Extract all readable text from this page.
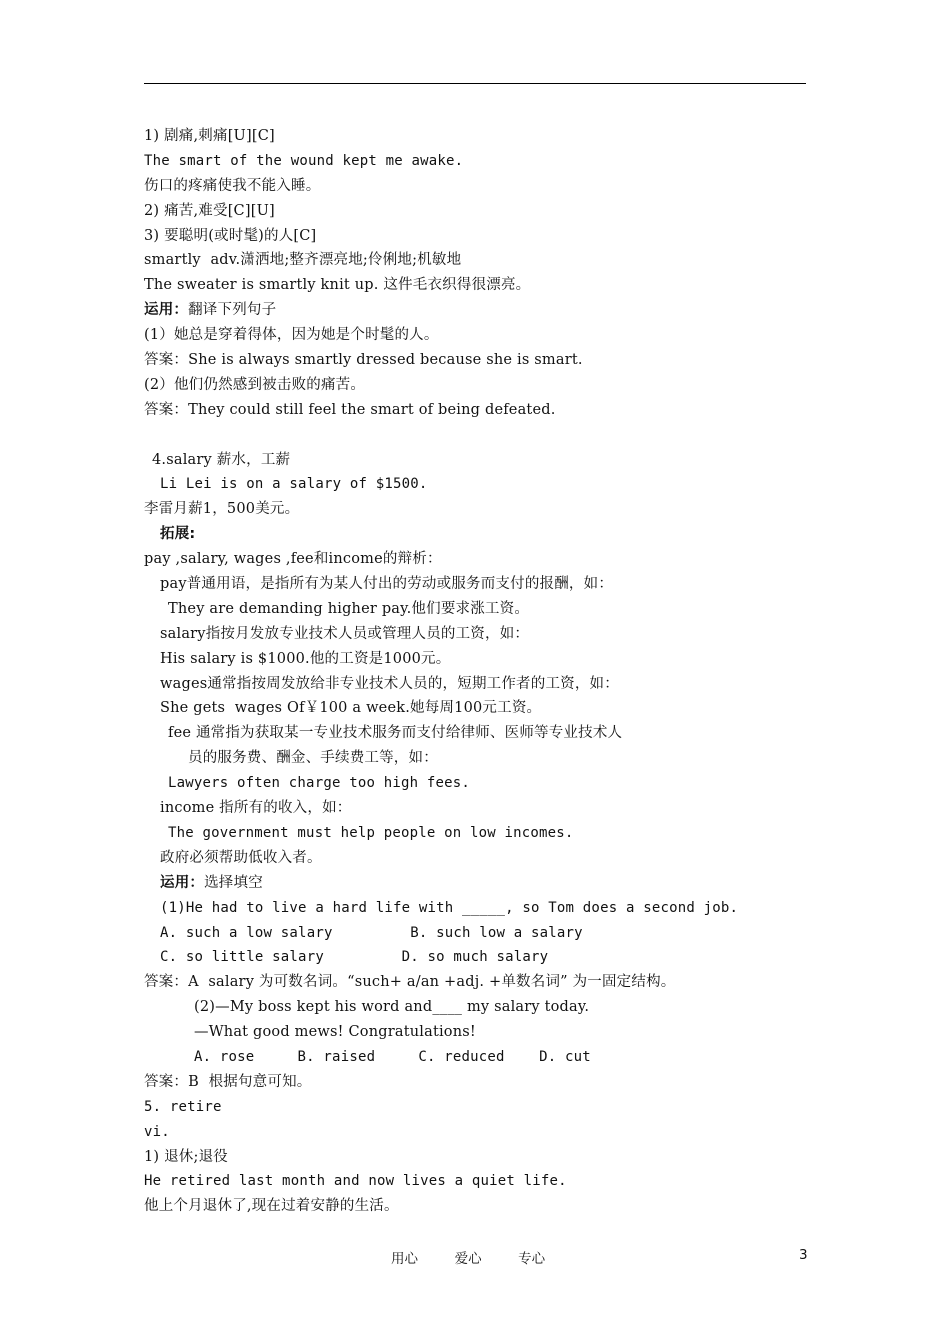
1) 剧痛,刺痛[U][C]
The smart of the wound kept me awake.
伤口的疼痛使我不能入睡。
2) 痛苦,难受[C][U]
3) 要聪明(或时髦)的人[C]
smartly  adv.潇洒地;整齐漂亮地;伶俐地;机敏地
The sweater is smartly knit up. 这件毛衣织得很漂亮。
运用：翻译下列句子
(1）她总是穿着得体，因为她是个时髦的人。
答案：She is always smartly dressed because she is smart.
(2）他们仍然感到被击败的痛苦。
答案：They could still feel the smart of being defeated.
4.salary 薪水，工薪
Li Lei is on a salary of $1500.
李雷月薪1，500美元。
拓展:
pay ,salary, wages ,fee和income的辩析：
pay普通用语，是指所有为某人付出的劳动或服务而支付的报酬，如：
They are demanding higher pay.他们要求涨工资。
salary指按月发放专业技术人员或管理人员的工资，如：
His salary is $1000.他的工资是1000元。
wages通常指按周发放给非专业技术人员的，短期工作者的工资，如：
She gets  wages Of￥100 a week.她每周100元工资。
fee 通常指为获取某一专业技术服务而支付给律师、医师等专业技术人
员的服务费、酬金、手续费工等，如：
Lawyers often charge too high fees.
income 指所有的收入，如：
The government must help people on low incomes.
政府必须帮助低收入者。
运用：选择填空
(1)He had to live a hard life with _____, so Tom does a second job.
A. such a low salary         B. such low a salary
C. so little salary         D. so much salary
答案：A  salary 为可数名词。“such+ a/an +adj. +单数名词” 为一固定结构。
(2)—My boss kept his word and____ my salary today.
—What good mews! Congratulations!
A. rose     B. raised     C. reduced    D. cut
答案：B  根据句意可知。
5. retire
vi.
1) 退休;退役
He retired last month and now lives a quiet life.
他上个月退休了,现在过着安静的生活。
用心  爱心  专心	3
